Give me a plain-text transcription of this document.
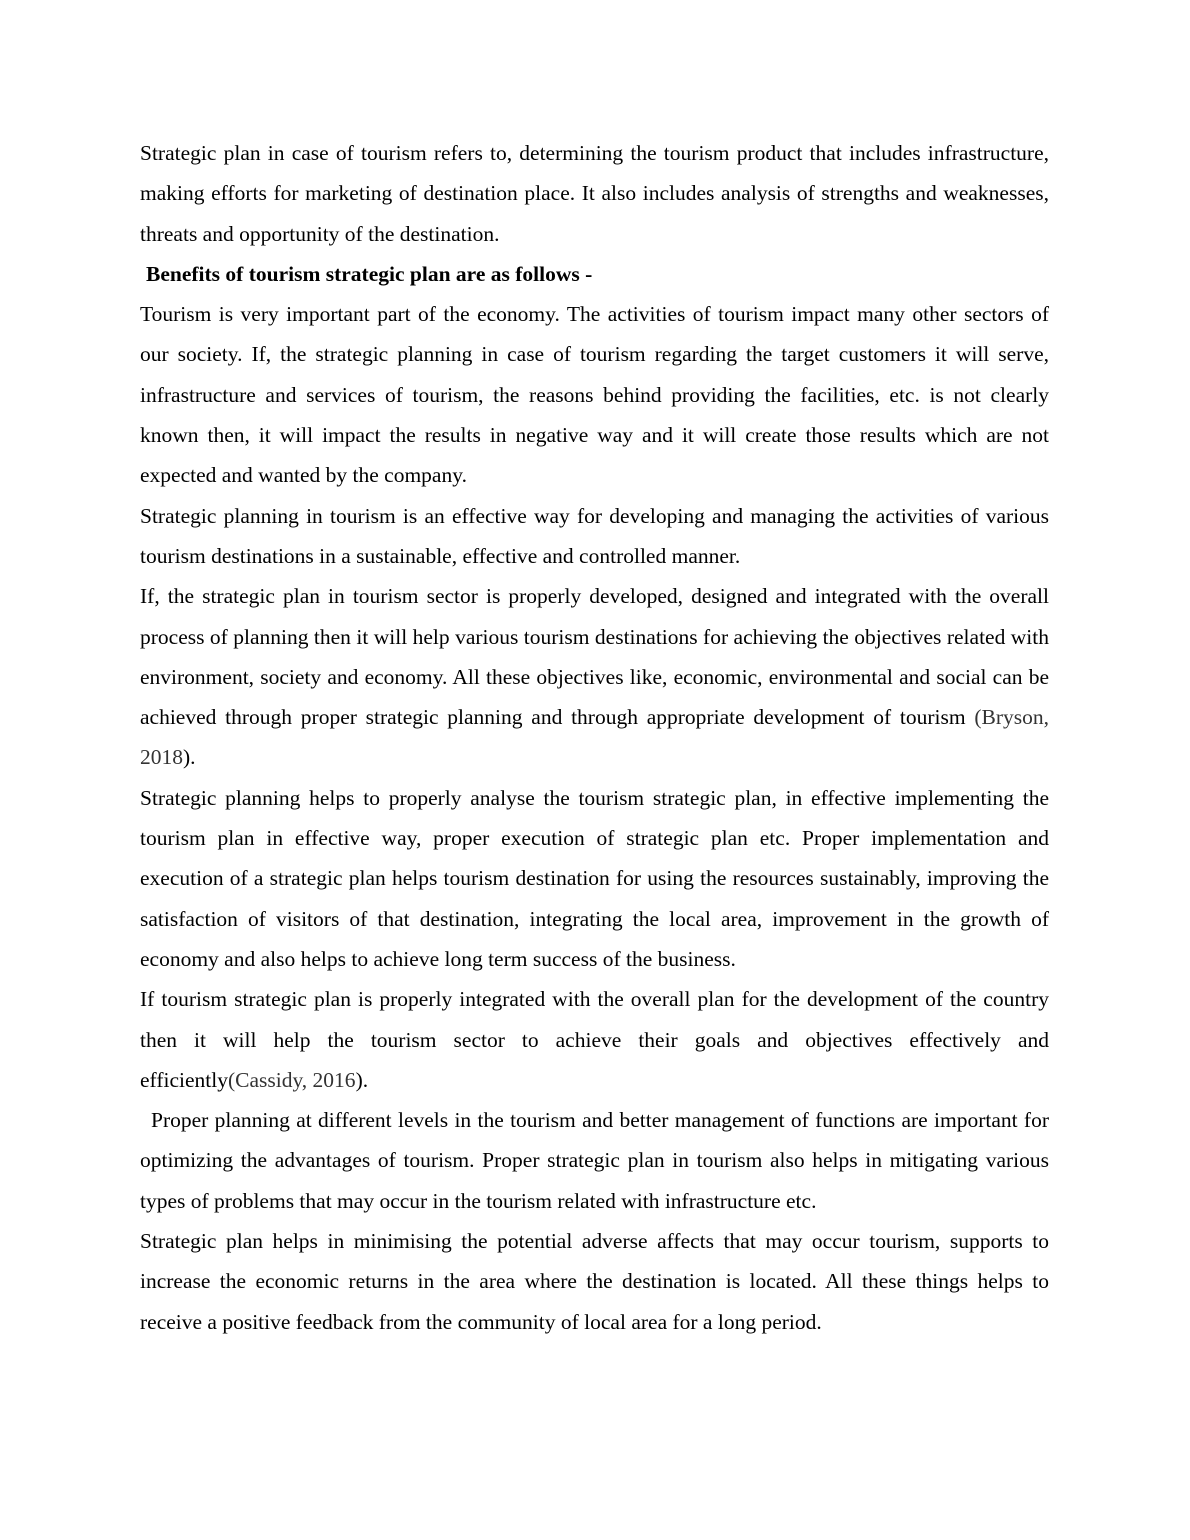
Strategic plan in case of tourism refers to, determining the tourism product that includes infrastructure, making efforts for marketing of destination place. It also includes analysis of strengths and weaknesses, threats and opportunity of the destination.

Benefits of tourism strategic plan are as follows -

Tourism is very important part of the economy. The activities of tourism impact many other sectors of our society. If, the strategic planning in case of tourism regarding the target customers it will serve, infrastructure and services of tourism, the reasons behind providing the facilities, etc. is not clearly known then, it will impact the results in negative way and it will create those results which are not expected and wanted by the company.

Strategic planning in tourism is an effective way for developing and managing the activities of various tourism destinations in a sustainable, effective and controlled manner.

If, the strategic plan in tourism sector is properly developed, designed and integrated with the overall process of planning then it will help various tourism destinations for achieving the objectives related with environment, society and economy. All these objectives like, economic, environmental and social can be achieved through proper strategic planning and through appropriate development of tourism (Bryson, 2018).

Strategic planning helps to properly analyse the tourism strategic plan, in effective implementing the tourism plan in effective way, proper execution of strategic plan etc. Proper implementation and execution of a strategic plan helps tourism destination for using the resources sustainably, improving the satisfaction of visitors of that destination, integrating the local area, improvement in the growth of economy and also helps to achieve long term success of the business.

If tourism strategic plan is properly integrated with the overall plan for the development of the country then it will help the tourism sector to achieve their goals and objectives effectively and efficiently(Cassidy, 2016).

Proper planning at different levels in the tourism and better management of functions are important for optimizing the advantages of tourism. Proper strategic plan in tourism also helps in mitigating various types of problems that may occur in the tourism related with infrastructure etc.

Strategic plan helps in minimising the potential adverse affects that may occur tourism, supports to increase the economic returns in the area where the destination is located. All these things helps to receive a positive feedback from the community of local area for a long period.
